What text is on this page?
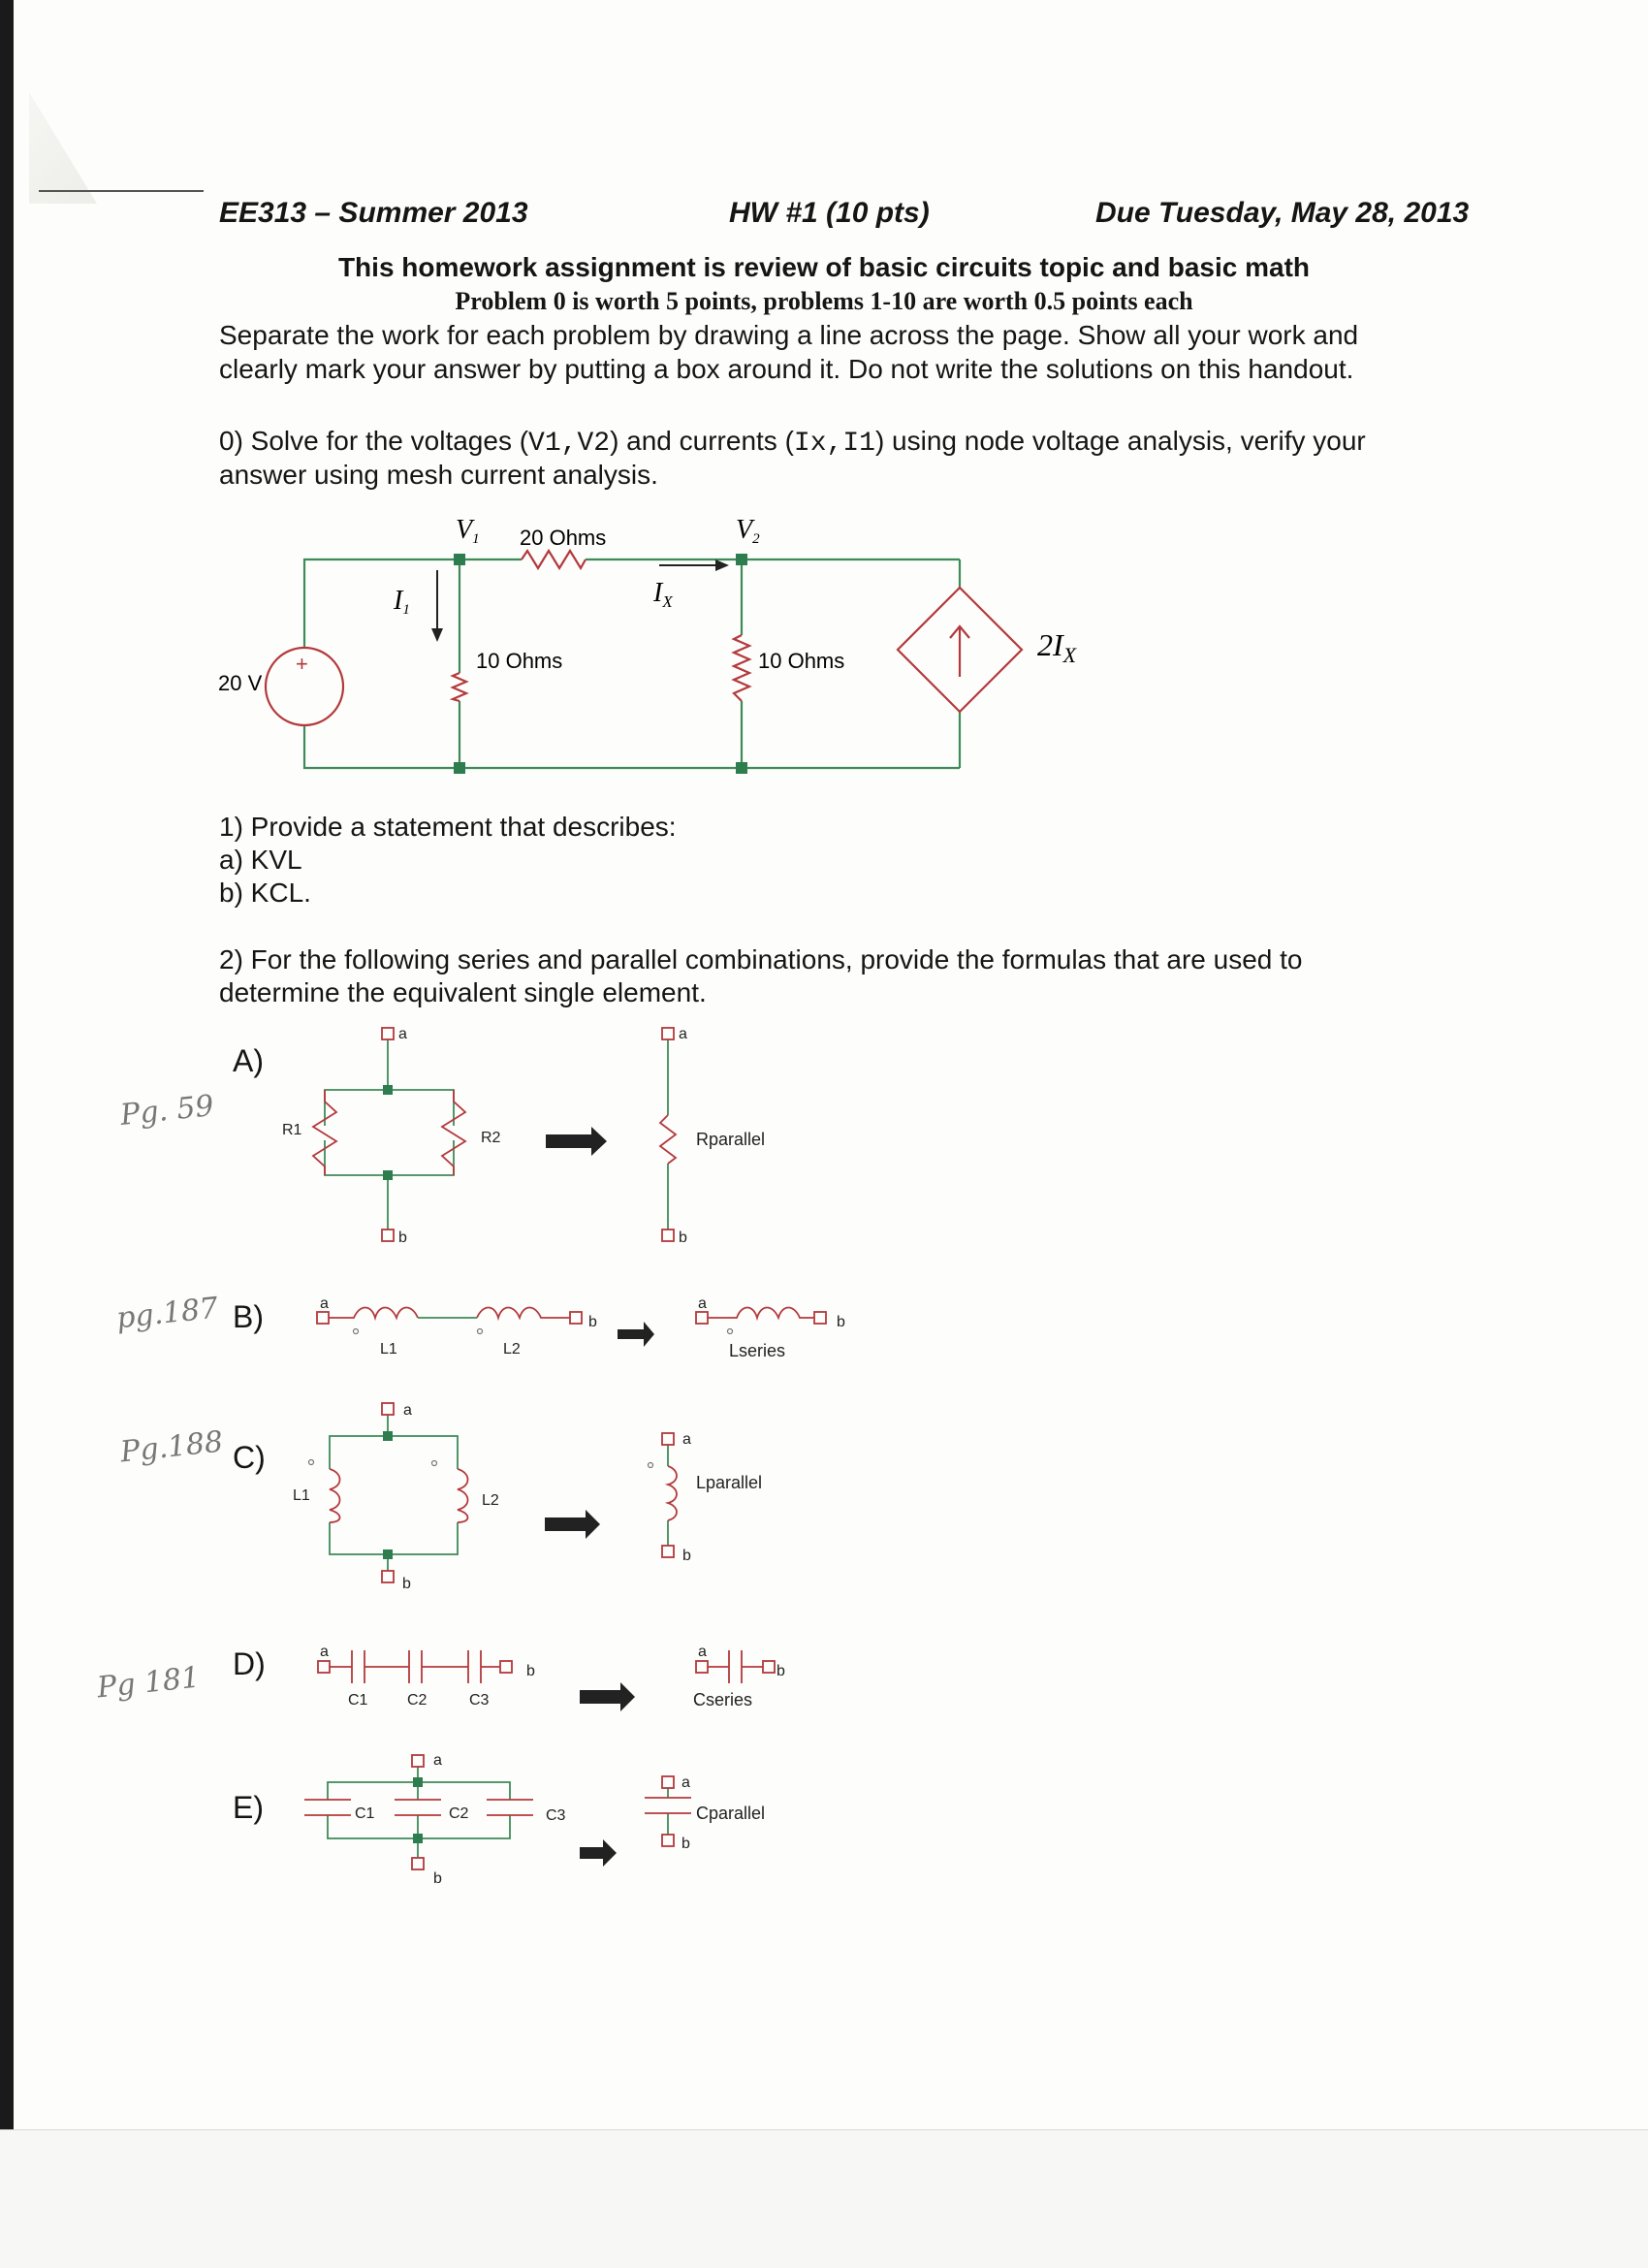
EE313 – Summer 2013	HW #1 (10 pts)	Due Tuesday, May 28, 2013
This homework assignment is review of basic circuits topic and basic math
Problem 0 is worth 5 points, problems 1-10 are worth 0.5 points each
Separate the work for each problem by drawing a line across the page. Show all your work and
clearly mark your answer by putting a box around it. Do not write the solutions on this handout.
0) Solve for the voltages (V1,V2) and currents (Ix,I1) using node voltage analysis, verify your
answer using mesh current analysis.
V1	V2
20 Ohms
10 Ohms	10 Ohms
20 V
+
I1
$I_X$
$2I_X$
a
b
a
b
R1	R2	Rparallel
a
b
a
b
L1	L2	Lseries
a
b
a
b
L1	L2
Lparallel
a
b
a
b
C1	C2	C3	Cseries
a
b
a
b
C1	C2	C3	Cparallel
1) Provide a statement that describes:
a) KVL
b) KCL.
2) For the following series and parallel combinations, provide the formulas that are used to
determine the equivalent single element.
A)
B)
C)
D)
E)
Pg. 59
pg.187
Pg.188
Pg 181
